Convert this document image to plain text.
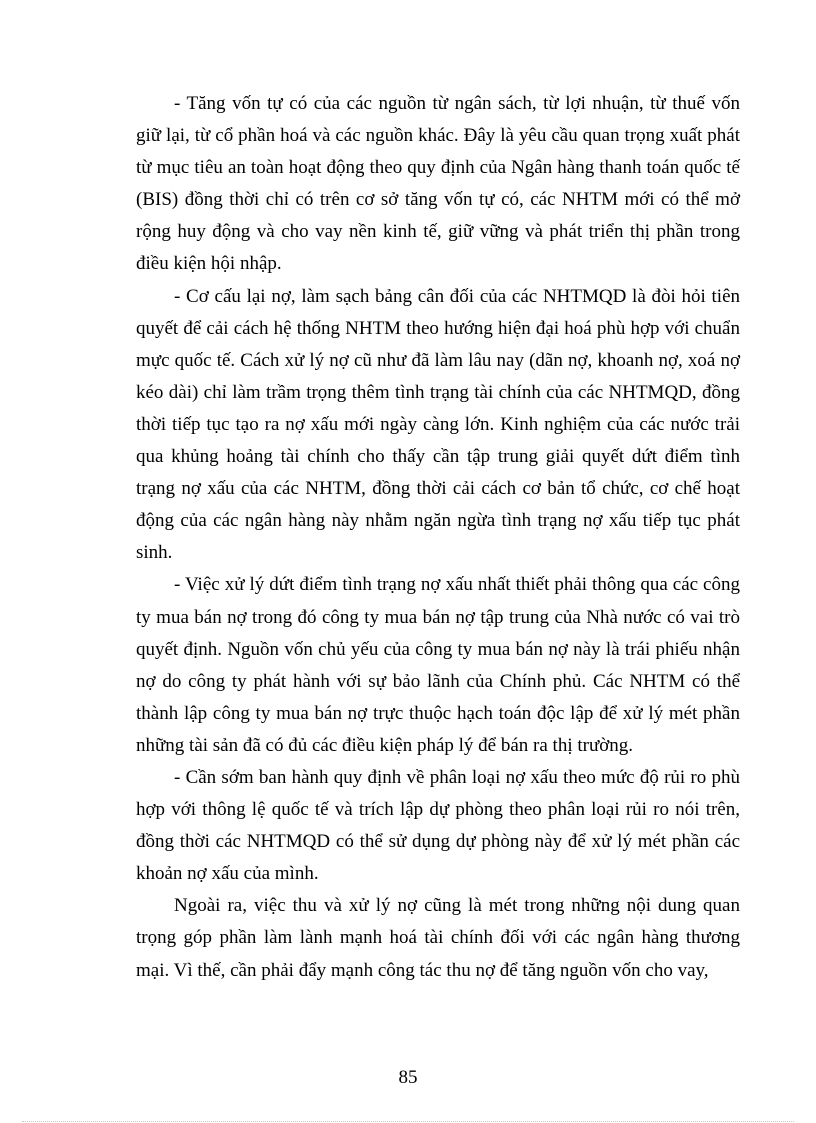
- Tăng vốn tự có của các nguồn từ ngân sách, từ lợi nhuận, từ thuế vốn giữ lại, từ cổ phần hoá và các nguồn khác. Đây là yêu cầu quan trọng xuất phát từ mục tiêu an toàn hoạt động theo quy định của Ngân hàng thanh toán quốc tế (BIS) đồng thời chỉ có trên cơ sở tăng vốn tự có, các NHTM mới có thể mở rộng huy động và cho vay nền kinh tế, giữ vững và phát triển thị phần trong điều kiện hội nhập.

- Cơ cấu lại nợ, làm sạch bảng cân đối của các NHTMQD là đòi hỏi tiên quyết để cải cách hệ thống NHTM theo hướng hiện đại hoá phù hợp với chuẩn mực quốc tế. Cách xử lý nợ cũ như đã làm lâu nay (dãn nợ, khoanh nợ, xoá nợ kéo dài) chỉ làm trầm trọng thêm tình trạng tài chính của các NHTMQD, đồng thời tiếp tục tạo ra nợ xấu mới ngày càng lớn. Kinh nghiệm của các nước trải qua khủng hoảng tài chính cho thấy cần tập trung giải quyết dứt điểm tình trạng nợ xấu của các NHTM, đồng thời cải cách cơ bản tổ chức, cơ chế hoạt động của các ngân hàng này nhằm ngăn ngừa tình trạng nợ xấu tiếp tục phát sinh.

- Việc xử lý dứt điểm tình trạng nợ xấu nhất thiết phải thông qua các công ty mua bán nợ trong đó công ty mua bán nợ tập trung của Nhà nước có vai trò quyết định. Nguồn vốn chủ yếu của công ty mua bán nợ này là trái phiếu nhận nợ do công ty phát hành với sự bảo lãnh của Chính phủ. Các NHTM có thể thành lập công ty mua bán nợ trực thuộc hạch toán độc lập để xử lý mét phần những tài sản đã có đủ các điều kiện pháp lý để bán ra thị trường.

- Cần sớm ban hành quy định về phân loại nợ xấu theo mức độ rủi ro phù hợp với thông lệ quốc tế và trích lập dự phòng theo phân loại rủi ro nói trên, đồng thời các NHTMQD có thể sử dụng dự phòng này để xử lý mét phần các khoản nợ xấu của mình.

Ngoài ra, việc thu và xử lý nợ cũng là mét trong những nội dung quan trọng góp phần làm lành mạnh hoá tài chính đối với các ngân hàng thương mại. Vì thế, cần phải đẩy mạnh công tác thu nợ để tăng nguồn vốn cho vay,

85
